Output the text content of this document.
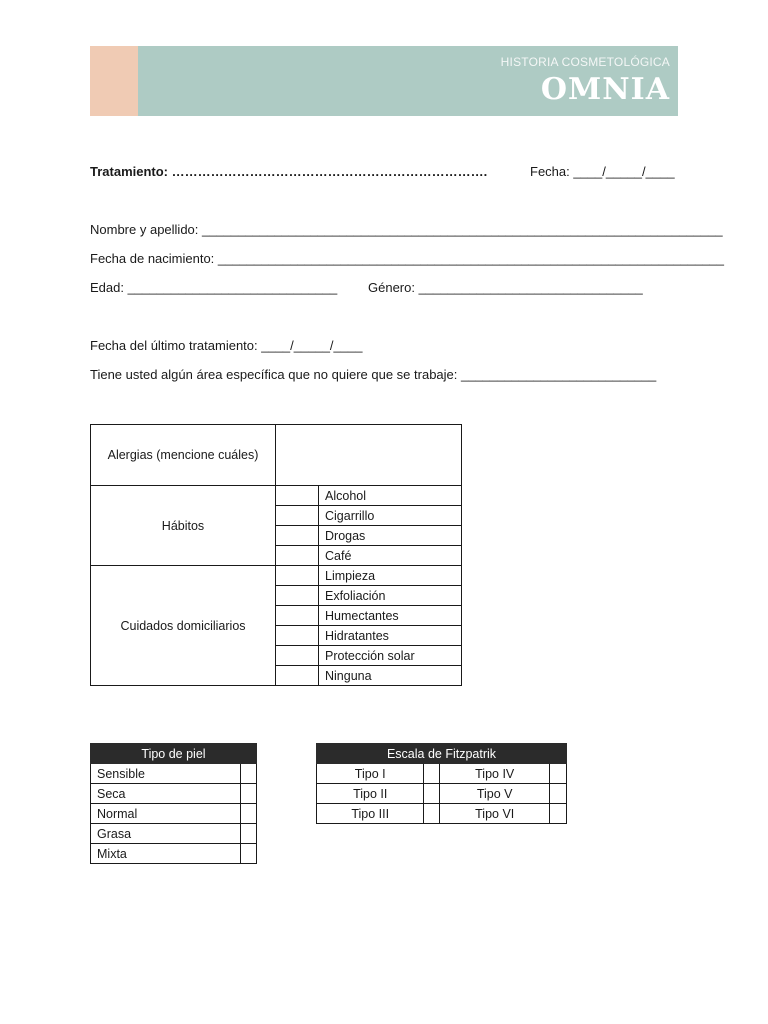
HISTORIA COSMETOLÓGICA
OMNIA
Tratamiento: ……………………………………………………………….	Fecha: ____/_____/____
Nombre y apellido: ________________________________________________________________________
Fecha de nacimiento: ______________________________________________________________________
Edad: _____________________________ Género: _______________________________
Fecha del último tratamiento: ____/_____/____
Tiene usted algún área específica que no quiere que se trabaje: ___________________________
Alergias (mencione cuáles)		
Hábitos		Alcohol
		Cigarrillo
		Drogas
		Café
Cuidados domiciliarios		Limpieza
		Exfoliación
		Humectantes
		Hidratantes
		Protección solar
		Ninguna
Tipo de piel	
Sensible	
Seca	
Normal	
Grasa	
Mixta	
Escala de Fitzpatrik			
Tipo I		Tipo IV	
Tipo II		Tipo V	
Tipo III		Tipo VI	
